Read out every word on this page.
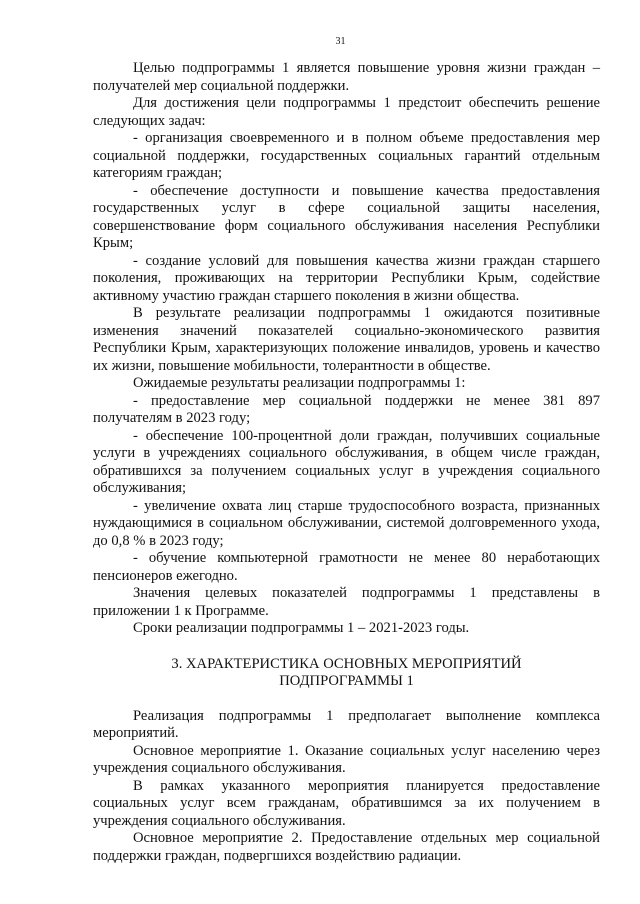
31

Целью подпрограммы 1 является повышение уровня жизни граждан – получателей мер социальной поддержки.

Для достижения цели подпрограммы 1 предстоит обеспечить решение следующих задач:

- организация своевременного и в полном объеме предоставления мер социальной поддержки, государственных социальных гарантий отдельным категориям граждан;

- обеспечение доступности и повышение качества предоставления государственных услуг в сфере социальной защиты населения, совершенствование форм социального обслуживания населения Республики Крым;

- создание условий для повышения качества жизни граждан старшего поколения, проживающих на территории Республики Крым, содействие активному участию граждан старшего поколения в жизни общества.

В результате реализации подпрограммы 1 ожидаются позитивные изменения значений показателей социально-экономического развития Республики Крым, характеризующих положение инвалидов, уровень и качество их жизни, повышение мобильности, толерантности в обществе.

Ожидаемые результаты реализации подпрограммы 1:

- предоставление мер социальной поддержки не менее 381 897 получателям в 2023 году;

- обеспечение 100-процентной доли граждан, получивших социальные услуги в учреждениях социального обслуживания, в общем числе граждан, обратившихся за получением социальных услуг в учреждения социального обслуживания;

- увеличение охвата лиц старше трудоспособного возраста, признанных нуждающимися в социальном обслуживании, системой долговременного ухода, до 0,8 % в 2023 году;

- обучение компьютерной грамотности не менее 80 неработающих пенсионеров ежегодно.

Значения целевых показателей подпрограммы 1 представлены в приложении 1 к Программе.

Сроки реализации подпрограммы 1 – 2021-2023 годы.

3. ХАРАКТЕРИСТИКА ОСНОВНЫХ МЕРОПРИЯТИЙ
ПОДПРОГРАММЫ 1

Реализация подпрограммы 1 предполагает выполнение комплекса мероприятий.

Основное мероприятие 1. Оказание социальных услуг населению через учреждения социального обслуживания.

В рамках указанного мероприятия планируется предоставление социальных услуг всем гражданам, обратившимся за их получением в учреждения социального обслуживания.

Основное мероприятие 2. Предоставление отдельных мер социальной поддержки граждан, подвергшихся воздействию радиации.
